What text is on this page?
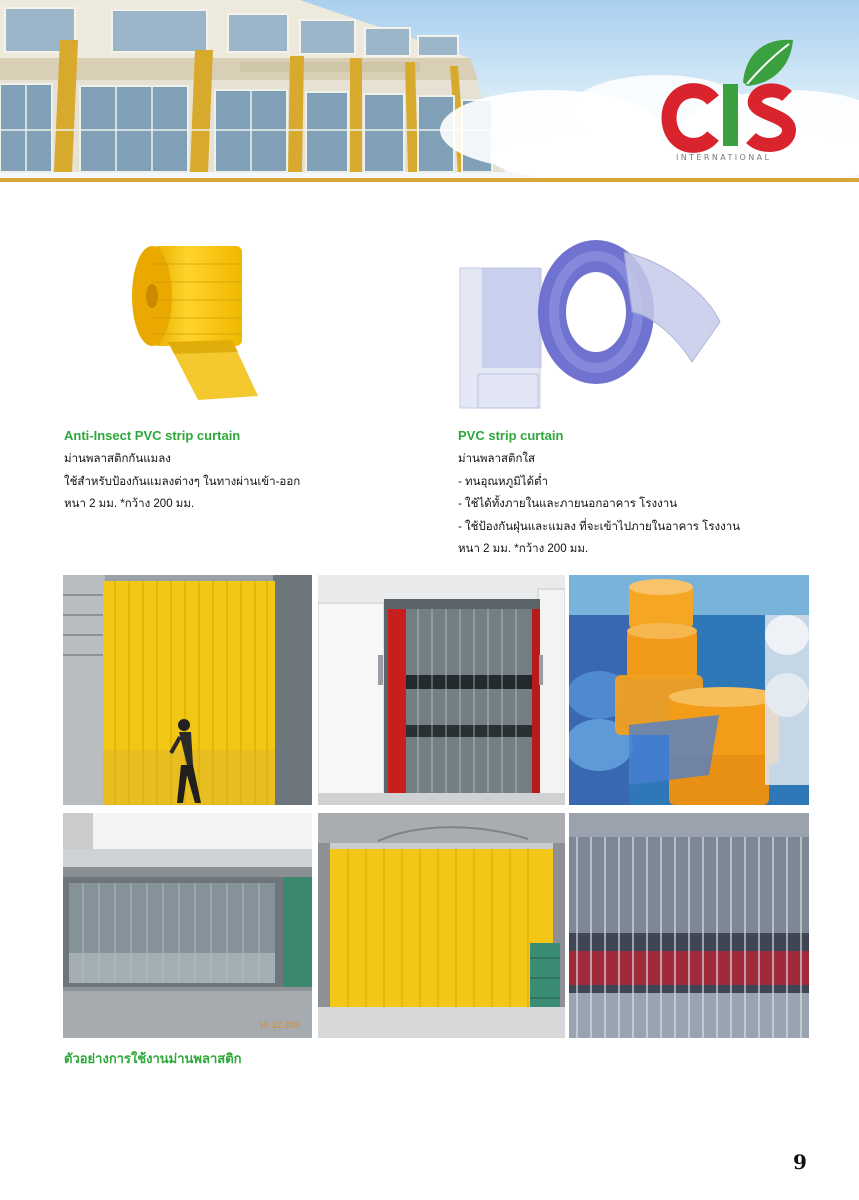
INTERNATIONAL
Anti-Insect PVC strip curtain
ม่านพลาสติกกันแมลง
ใช้สำหรับป้องกันแมลงต่างๆ ในทางผ่านเข้า-ออก
หนา 2 มม. *กว้าง 200 มม.
PVC strip curtain
ม่านพลาสติกใส
- ทนอุณหภูมิได้ต่ำ
- ใช้ได้ทั้งภายในและภายนอกอาคาร โรงงาน
- ใช้ป้องกันฝุ่นและแมลง ที่จะเข้าไปภายในอาคาร โรงงาน
หนา 2 มม. *กว้าง 200 มม.
10 12 200
ตัวอย่างการใช้งานม่านพลาสติก
9
